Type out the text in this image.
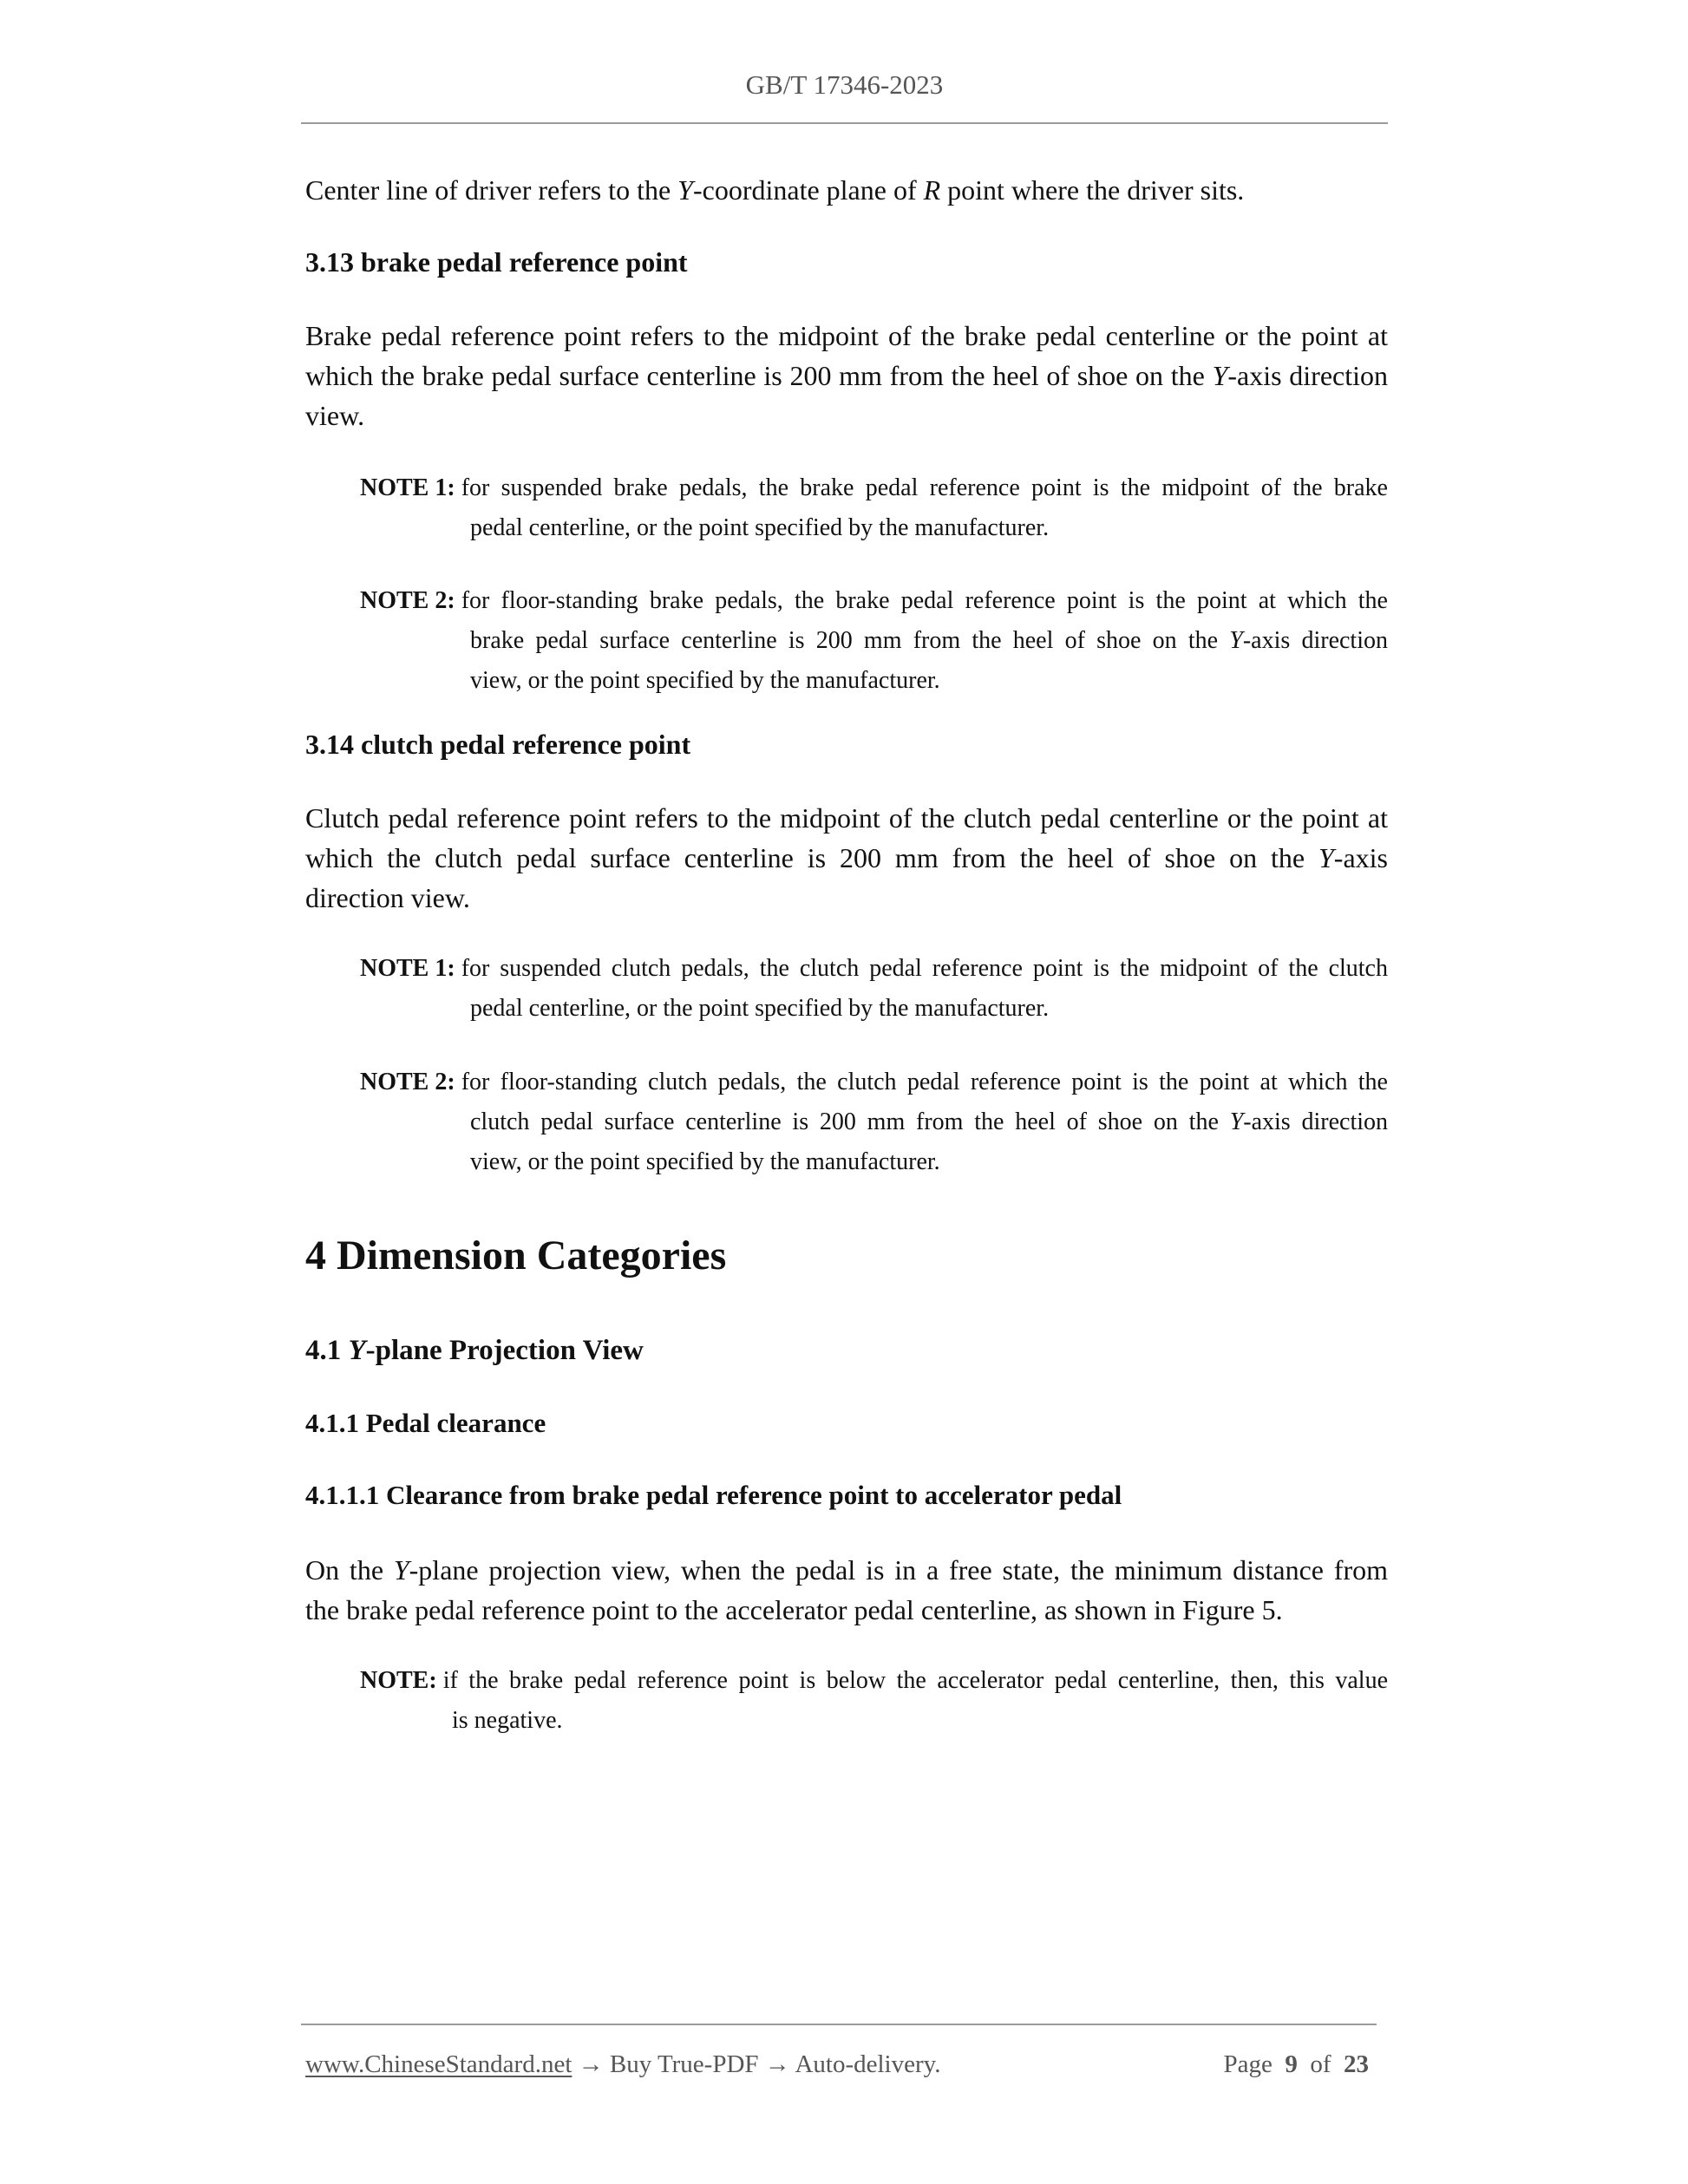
GB/T 17346-2023
Center line of driver refers to the Y-coordinate plane of R point where the driver sits.
3.13 brake pedal reference point
Brake pedal reference point refers to the midpoint of the brake pedal centerline or the point at
which the brake pedal surface centerline is 200 mm from the heel of shoe on the Y-axis direction
view.
NOTE 1:
for suspended brake pedals, the brake pedal reference point is the midpoint of the brake
pedal centerline, or the point specified by the manufacturer.
NOTE 2:
for floor-standing brake pedals, the brake pedal reference point is the point at which the
brake pedal surface centerline is 200 mm from the heel of shoe on the Y-axis direction
view, or the point specified by the manufacturer.
3.14 clutch pedal reference point
Clutch pedal reference point refers to the midpoint of the clutch pedal centerline or the point at
which the clutch pedal surface centerline is 200 mm from the heel of shoe on the Y-axis
direction view.
NOTE 1:
for suspended clutch pedals, the clutch pedal reference point is the midpoint of the clutch
pedal centerline, or the point specified by the manufacturer.
NOTE 2:
for floor-standing clutch pedals, the clutch pedal reference point is the point at which the
clutch pedal surface centerline is 200 mm from the heel of shoe on the Y-axis direction
view, or the point specified by the manufacturer.
4 Dimension Categories
4.1 Y-plane Projection View
4.1.1 Pedal clearance
4.1.1.1 Clearance from brake pedal reference point to accelerator pedal
On the Y-plane projection view, when the pedal is in a free state, the minimum distance from
the brake pedal reference point to the accelerator pedal centerline, as shown in Figure 5.
NOTE:
if the brake pedal reference point is below the accelerator pedal centerline, then, this value
is negative.
www.ChineseStandard.net → Buy True-PDF → Auto-delivery.	Page 9 of 23
